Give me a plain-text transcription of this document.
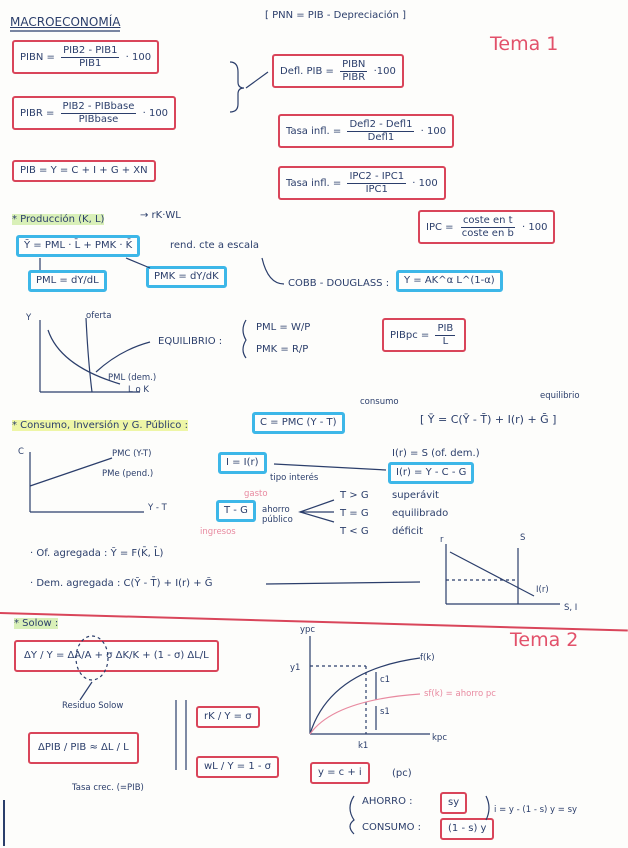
MACROECONOMÍA	[ PNN = PIB - Depreciación ]
Tema 1
PIBN = $\frac{\text{PIB2 - PIB1}}{\text{PIB1}} \cdot 100$
PIBR = $\frac{\text{PIB2 - PIBbase}}{\text{PIBbase}} \cdot 100$
PIB = Y = C + I + G + XN
Defl. PIB = $\frac{\text{PIBN}}{\text{PIBR}} \cdot 100$
Tasa infl. = $\frac{\text{Defl2 - Defl1}}{\text{Defl1}} \cdot 100$
Tasa infl. = $\frac{\text{IPC2 - IPC1}}{\text{IPC1}} \cdot 100$
IPC = $\frac{\text{coste en t}}{\text{coste en b}} \cdot 100$
* Producción (K, L)	→ rK·WL
Ȳ = PML · L̄ + PMK · K̄	rend. cte a escala
PML = dY/dL	PMK = dY/dK
COBB - DOUGLASS :	Y = AK^α L^(1-α)
Y	oferta
PML (dem.)
L o K
EQUILIBRIO :
PML = W/P
PMK = R/P
PIBpc = $\frac{\text{PIB}}{L}$
consumo
equilibrio
* Consumo, Inversión y G. Público :	C = PMC (Y - T)	[ Ȳ = C(Ȳ - T̄) + I(r) + Ḡ ]
C	PMC (Y-T)
PMe (pend.)
Y - T
I = I(r)
tipo interés
I(r) = S (of. dem.)
I(r) = Y - C - G
gasto
T - G
ingresos
ahorro público
T > G superávit
T = G equilibrado
T < G déficit
· Of. agregada : Ȳ = F(K̄, L̄)
· Dem. agregada : C(Ȳ - T̄) + I(r) + Ḡ
r	S
I(r)
S, I
Tema 2
* Solow :
ΔY / Y = ΔA/A + σ ΔK/K + (1 - σ) ΔL/L
Residuo Solow
rK / Y = σ
wL / Y = 1 - σ
ΔPIB / PIB ≈ ΔL / L
Tasa crec. (=PIB)
y = c + i	(pc)
AHORRO :	sy
CONSUMO :	(1 - s) y
i = y - (1 - s) y = sy
ypc
f(k)
sf(k) = ahorro pc
y1
c1
s1
k1
kpc
